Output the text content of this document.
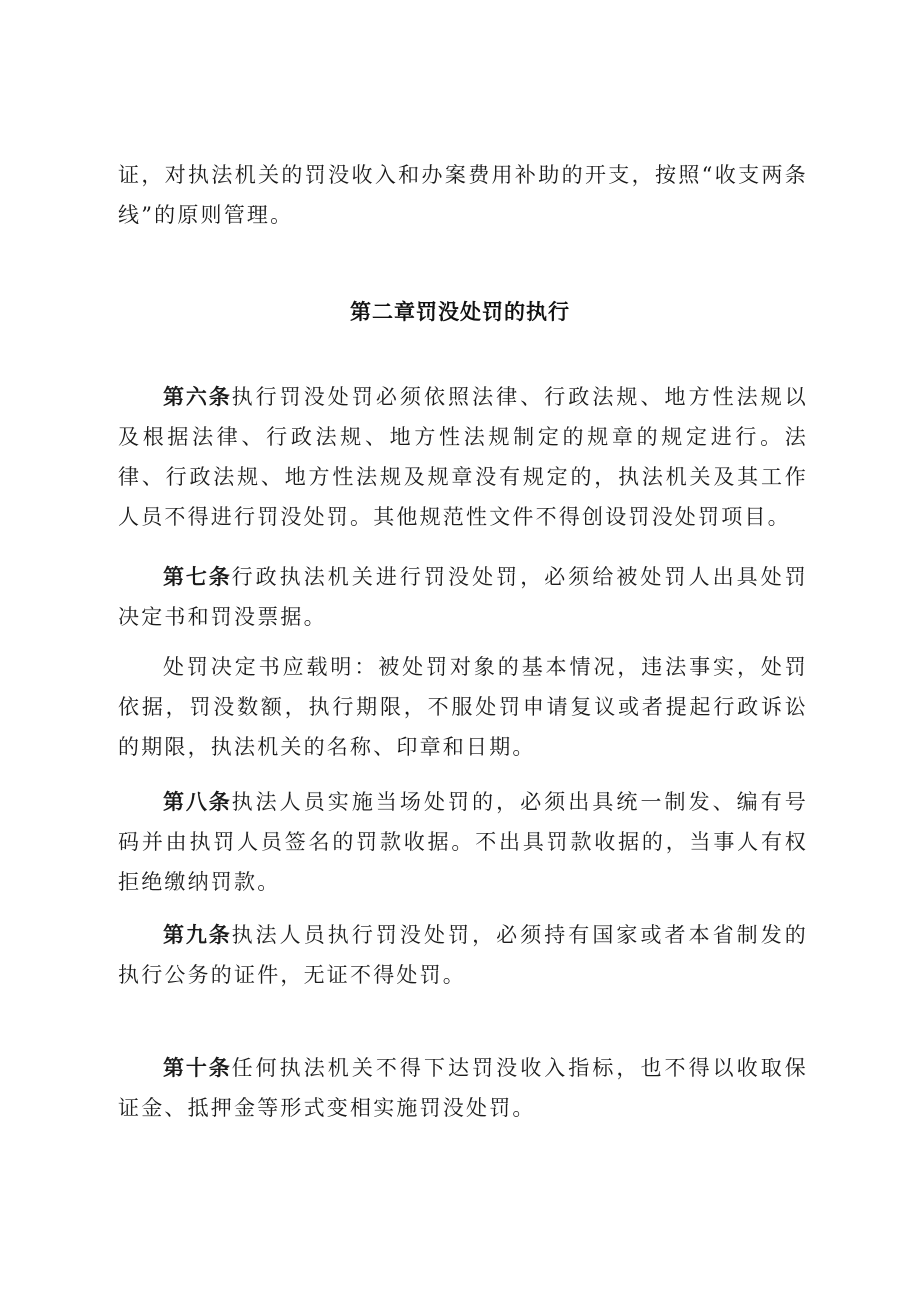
证，对执法机关的罚没收入和办案费用补助的开支，按照“收支两条线”的原则管理。

第二章罚没处罚的执行

第六条执行罚没处罚必须依照法律、行政法规、地方性法规以及根据法律、行政法规、地方性法规制定的规章的规定进行。法律、行政法规、地方性法规及规章没有规定的，执法机关及其工作人员不得进行罚没处罚。其他规范性文件不得创设罚没处罚项目。

第七条行政执法机关进行罚没处罚，必须给被处罚人出具处罚决定书和罚没票据。

处罚决定书应载明：被处罚对象的基本情况，违法事实，处罚依据，罚没数额，执行期限，不服处罚申请复议或者提起行政诉讼的期限，执法机关的名称、印章和日期。

第八条执法人员实施当场处罚的，必须出具统一制发、编有号码并由执罚人员签名的罚款收据。不出具罚款收据的，当事人有权拒绝缴纳罚款。

第九条执法人员执行罚没处罚，必须持有国家或者本省制发的执行公务的证件，无证不得处罚。

第十条任何执法机关不得下达罚没收入指标，也不得以收取保证金、抵押金等形式变相实施罚没处罚。
